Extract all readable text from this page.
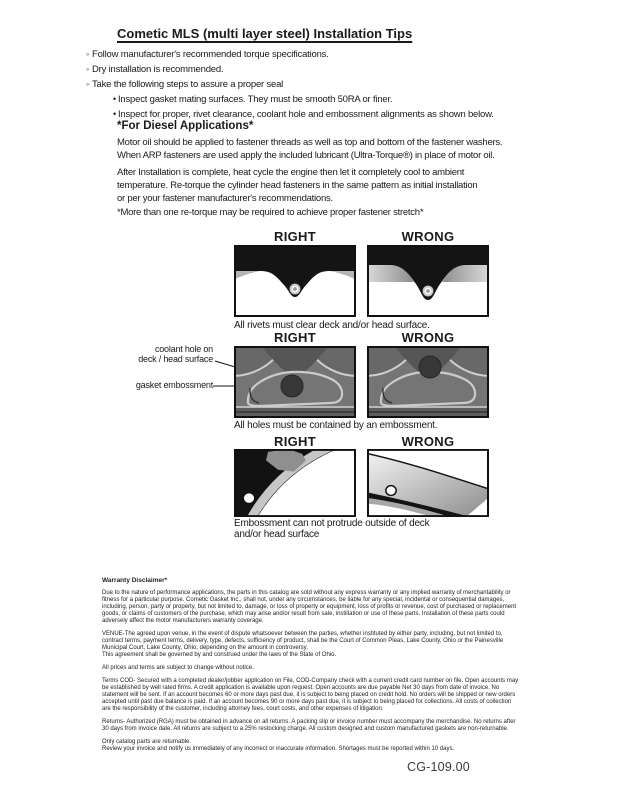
Cometic MLS (multi layer steel) Installation Tips
◦ Follow manufacturer's recommended torque specifications.
◦ Dry installation is recommended.
◦ Take the following steps to assure a proper seal
• Inspect gasket mating surfaces. They must be smooth 50RA or finer.
• Inspect for proper, rivet clearance, coolant hole and embossment alignments as shown below.
*For Diesel Applications*
Motor oil should be applied to fastener threads as well as top and bottom of the fastener washers.
When ARP fasteners are used apply the included lubricant (Ultra-Torque®) in place of motor oil.
After Installation is complete, heat cycle the engine then let it completely cool to ambient
temperature. Re-torque the cylinder head fasteners in the same pattern as initial installation
or per your fastener manufacturer's recommendations.
*More than one re-torque may be required to achieve proper fastener stretch*
RIGHT	WRONG
All rivets must clear deck and/or head surface.
RIGHT	WRONG
coolant hole on
deck / head surface
gasket embossment
All holes must be contained by an embossment.
RIGHT	WRONG
Embossment can not protrude outside of deck
and/or head surface

Warranty Disclaimer*

Due to the nature of performance applications, the parts in this catalog are sold without any express warranty or any implied warranty of merchantability or fitness for a particular purpose. Cometic Gasket Inc., shall not, under any circumstances, be liable for any special, incidental or consequential damages, including, person, party or property, but not limited to, damage, or loss of property or equipment, loss of profits or revenue, cost of purchased or replacement goods, or claims of customers of the purchase, which may arise and/or result from sale, instillation or use of these parts. Installation of these parts could adversely affect the motor manufacturers warranty coverage.

VENUE-The agreed upon venue, in the event of dispute whatsoever between the parties, whether instituted by either party, including, but not limited to, contract terms, payment terms, delivery, type, defects, sufficiency of product, shall be the Court of Common Pleas, Lake County, Ohio or the Painesville Municipal Court, Lake County, Ohio, depending on the amount in controversy.

This agreement shall be governed by and construed under the laws of the State of Ohio.

All prices and terms are subject to change without notice.

Terms COD- Secured with a completed dealer/jobber application on File, COD-Company check with a current credit card number on file. Open accounts may be established by well rated firms. A credit application is available upon request. Open accounts are due payable Net 30 days from date of invoice. No statement will be sent. If an account becomes 60 or more days past due, it is subject to being placed on credit hold. No orders will be shipped or new orders accepted until past due balance is paid. If an account becomes 90 or more days past due, it is subject to being placed for collections. All costs of collection are the responsibility of the customer, including attorney fees, court costs, and other expenses of litigation.

Returns- Authorized (RGA) must be obtained in advance on all returns. A packing slip or invoice number must accompany the merchandise. No returns after 30 days from invoice date. All returns are subject to a 25% restocking charge. All custom designed and custom manufactured gaskets are non-returnable.

Only catalog parts are returnable.

Review your invoice and notify us immediately of any incorrect or inaccurate information. Shortages must be reported within 10 days.

CG-109.00
